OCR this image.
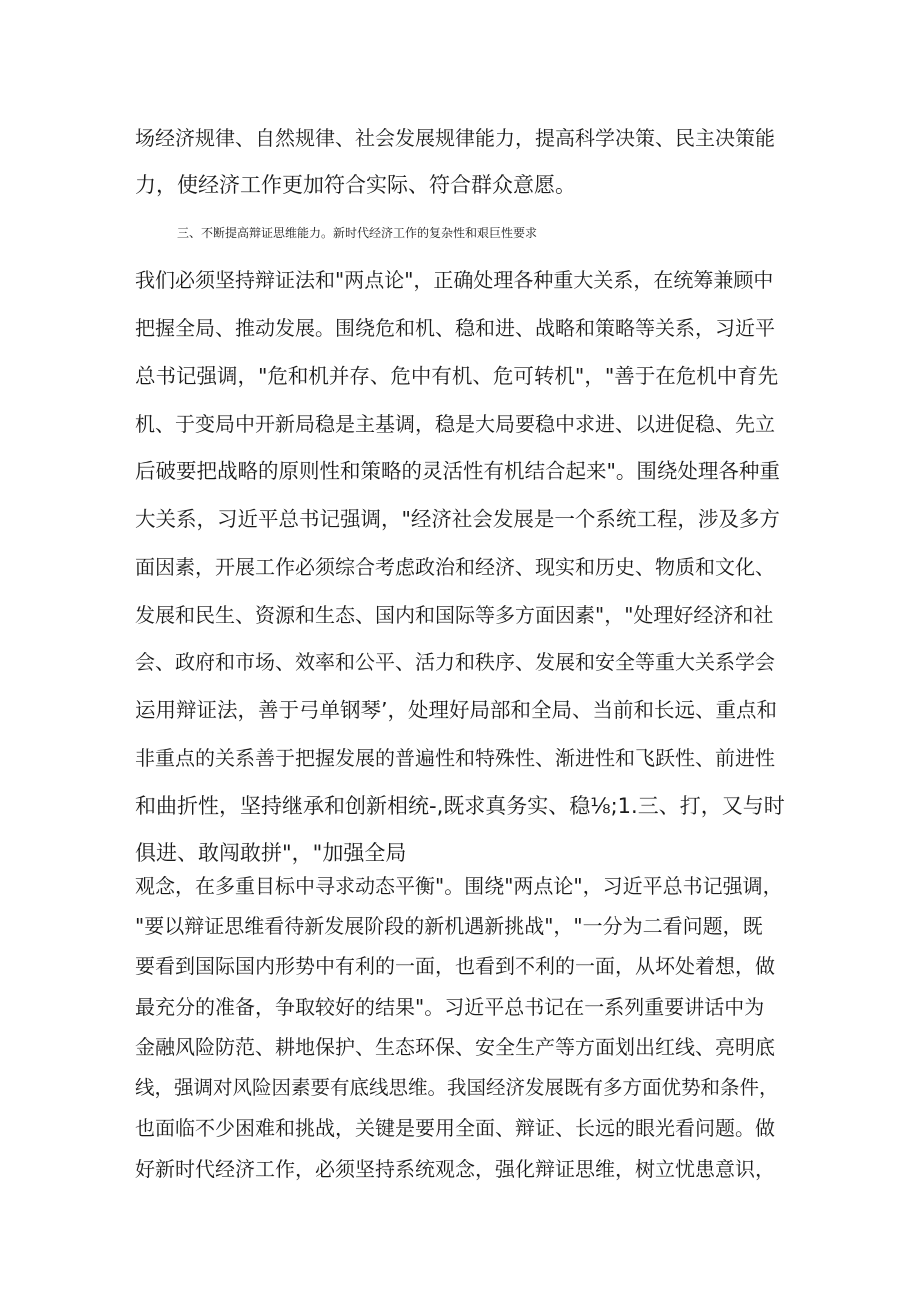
场经济规律、自然规律、社会发展规律能力，提高科学决策、民主决策能
力，使经济工作更加符合实际、符合群众意愿。
三、不断提高辩证思维能力。新时代经济工作的复杂性和艰巨性要求
我们必须坚持辩证法和"两点论"，正确处理各种重大关系，在统筹兼顾中
把握全局、推动发展。围绕危和机、稳和进、战略和策略等关系，习近平
总书记强调，"危和机并存、危中有机、危可转机"，"善于在危机中育先
机、于变局中开新局稳是主基调，稳是大局要稳中求进、以进促稳、先立
后破要把战略的原则性和策略的灵活性有机结合起来"。围绕处理各种重
大关系，习近平总书记强调，"经济社会发展是一个系统工程，涉及多方
面因素，开展工作必须综合考虑政治和经济、现实和历史、物质和文化、
发展和民生、资源和生态、国内和国际等多方面因素"，"处理好经济和社
会、政府和市场、效率和公平、活力和秩序、发展和安全等重大关系学会
运用辩证法，善于弓单钢琴’，处理好局部和全局、当前和长远、重点和
非重点的关系善于把握发展的普遍性和特殊性、渐进性和飞跃性、前进性
和曲折性，坚持继承和创新相统-,既求真务实、稳⅛;1.三、打，又与时
俱进、敢闯敢拼"，"加强全局
观念，在多重目标中寻求动态平衡"。围绕"两点论"，习近平总书记强调，
"要以辩证思维看待新发展阶段的新机遇新挑战"，"一分为二看问题，既
要看到国际国内形势中有利的一面，也看到不利的一面，从坏处着想，做
最充分的准备，争取较好的结果"。习近平总书记在一系列重要讲话中为
金融风险防范、耕地保护、生态环保、安全生产等方面划出红线、亮明底
线，强调对风险因素要有底线思维。我国经济发展既有多方面优势和条件，
也面临不少困难和挑战，关键是要用全面、辩证、长远的眼光看问题。做
好新时代经济工作，必须坚持系统观念，强化辩证思维，树立忧患意识，
